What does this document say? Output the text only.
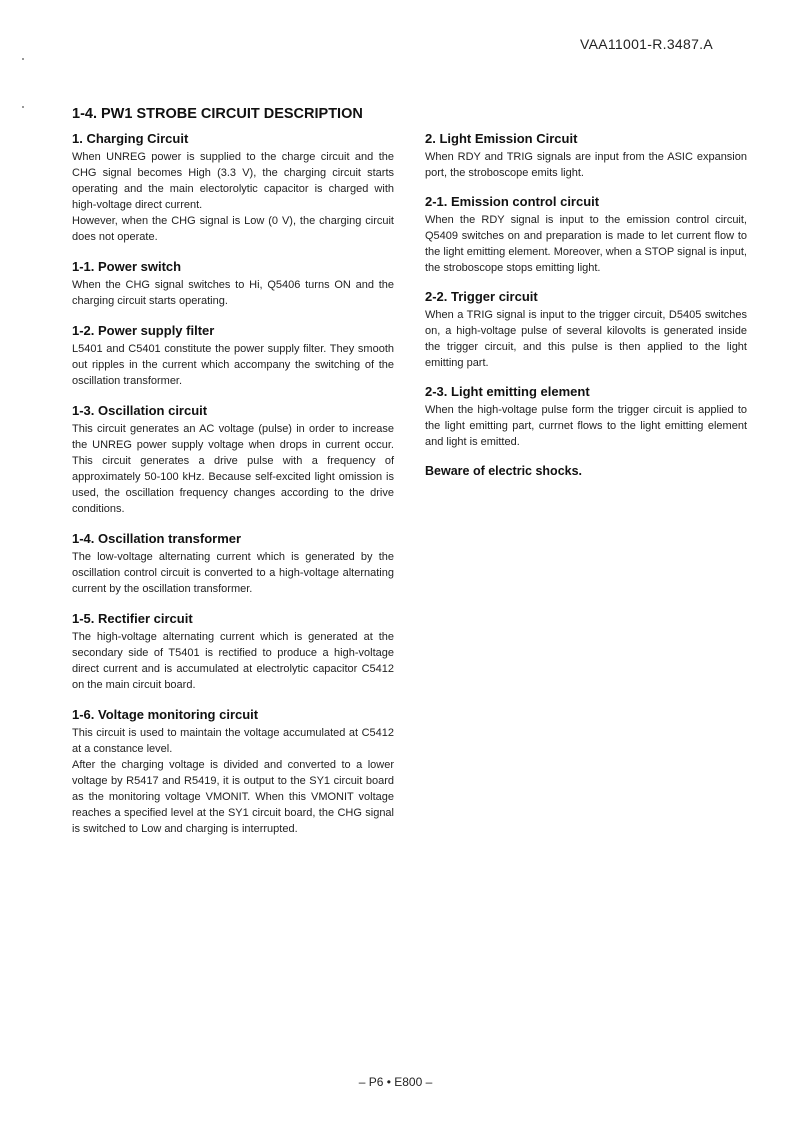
VAA11001-R.3487.A
1-4. PW1 STROBE CIRCUIT DESCRIPTION
1. Charging Circuit

When UNREG power is supplied to the charge circuit and the CHG signal becomes High (3.3 V), the charging circuit starts operating and the main electorolytic capacitor is charged with high-voltage direct current.
However, when the CHG signal is Low (0 V), the charging circuit does not operate.

1-1. Power switch

When the CHG signal switches to Hi, Q5406 turns ON and the charging circuit starts operating.

1-2. Power supply filter

L5401 and C5401 constitute the power supply filter. They smooth out ripples in the current which accompany the switching of the oscillation transformer.

1-3. Oscillation circuit

This circuit generates an AC voltage (pulse) in order to increase the UNREG power supply voltage when drops in current occur. This circuit generates a drive pulse with a frequency of approximately 50-100 kHz. Because self-excited light omission is used, the oscillation frequency changes according to the drive conditions.

1-4. Oscillation transformer

The low-voltage alternating current which is generated by the oscillation control circuit is converted to a high-voltage alternating current by the oscillation transformer.

1-5. Rectifier circuit

The high-voltage alternating current which is generated at the secondary side of T5401 is rectified to produce a high-voltage direct current and is accumulated at electrolytic capacitor C5412 on the main circuit board.

1-6. Voltage monitoring circuit

This circuit is used to maintain the voltage accumulated at C5412 at a constance level.
After the charging voltage is divided and converted to a lower voltage by R5417 and R5419, it is output to the SY1 circuit board as the monitoring voltage VMONIT. When this VMONIT voltage reaches a specified level at the SY1 circuit board, the CHG signal is switched to Low and charging is interrupted.

2. Light Emission Circuit

When RDY and TRIG signals are input from the ASIC expansion port, the stroboscope emits light.

2-1. Emission control circuit

When the RDY signal is input to the emission control circuit, Q5409 switches on and preparation is made to let current flow to the light emitting element. Moreover, when a STOP signal is input, the stroboscope stops emitting light.

2-2. Trigger circuit

When a TRIG signal is input to the trigger circuit, D5405 switches on, a high-voltage pulse of several kilovolts is generated inside the trigger circuit, and this pulse is then applied to the light emitting part.

2-3. Light emitting element

When the high-voltage pulse form the trigger circuit is applied to the light emitting part, currnet flows to the light emitting element and light is emitted.

Beware of electric shocks.
– P6 • E800 –
